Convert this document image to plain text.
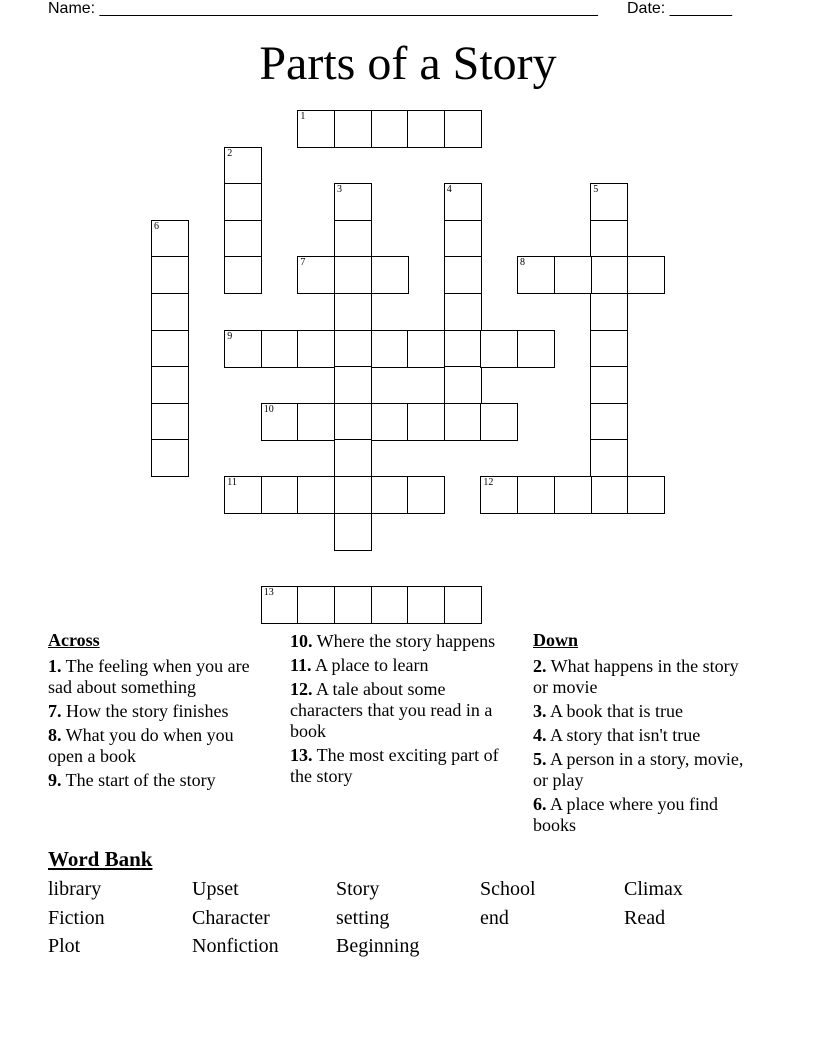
Name: ________________________________________________________ Date: _______
Parts of a Story
1
2
3	4	5
6
7	8
9
10
11	12
13
Across
1. The feeling when you are sad about something
7. How the story finishes
8. What you do when you open a book
9. The start of the story
10. Where the story happens
11. A place to learn
12. A tale about some characters that you read in a book
13. The most exciting part of the story
Down
2. What happens in the story or movie
3. A book that is true
4. A story that isn't true
5. A person in a story, movie, or play
6. A place where you find books
Word Bank
library	Upset	Story	School	Climax
Fiction	Character	setting	end	Read
Plot	Nonfiction	Beginning
